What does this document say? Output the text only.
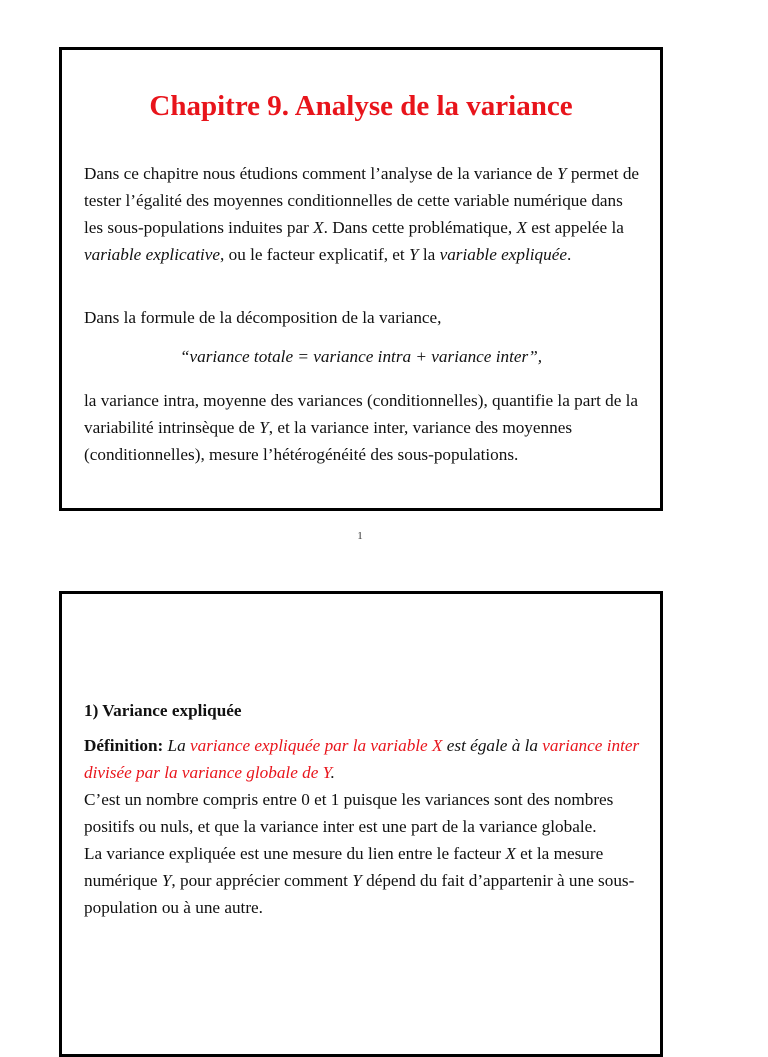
Chapitre 9. Analyse de la variance
Dans ce chapitre nous étudions comment l’analyse de la variance de Y permet de tester l’égalité des moyennes conditionnelles de cette variable numérique dans les sous-populations induites par X. Dans cette problématique, X est appelée la variable explicative, ou le facteur explicatif, et Y la variable expliquée.
Dans la formule de la décomposition de la variance,
“variance totale = variance intra + variance inter”,
la variance intra, moyenne des variances (conditionnelles), quantifie la part de la variabilité intrinsèque de Y, et la variance inter, variance des moyennes (conditionnelles), mesure l’hétérogénéité des sous-populations.
1
1) Variance expliquée
Définition: La variance expliquée par la variable X est égale à la variance inter divisée par la variance globale de Y.
C’est un nombre compris entre 0 et 1 puisque les variances sont des nombres positifs ou nuls, et que la variance inter est une part de la variance globale.
La variance expliquée est une mesure du lien entre le facteur X et la mesure numérique Y, pour apprécier comment Y dépend du fait d’appartenir à une sous-population ou à une autre.
